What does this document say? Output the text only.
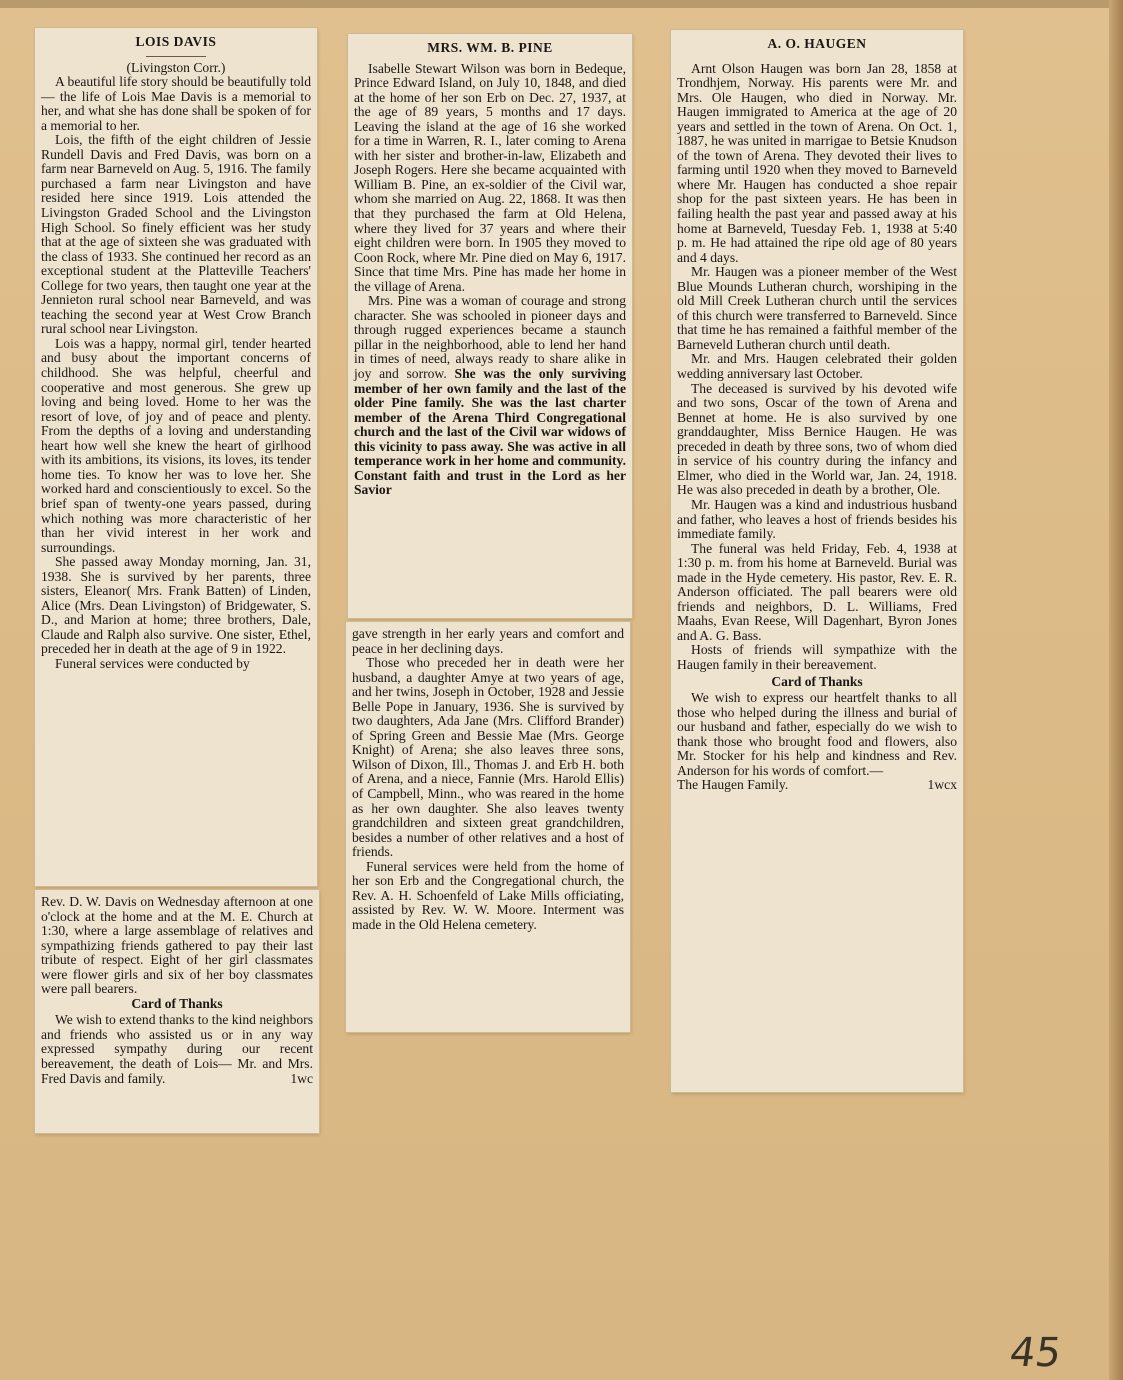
LOIS DAVIS

(Livingston Corr.)

A beautiful life story should be beautifully told — the life of Lois Mae Davis is a memorial to her, and what she has done shall be spoken of for a memorial to her.

Lois, the fifth of the eight children of Jessie Rundell Davis and Fred Davis, was born on a farm near Barneveld on Aug. 5, 1916. The family purchased a farm near Livingston and have resided here since 1919. Lois attended the Livingston Graded School and the Livingston High School. So finely efficient was her study that at the age of sixteen she was graduated with the class of 1933. She continued her record as an exceptional student at the Platteville Teachers' College for two years, then taught one year at the Jennieton rural school near Barneveld, and was teaching the second year at West Crow Branch rural school near Livingston.

Lois was a happy, normal girl, tender hearted and busy about the important concerns of childhood. She was helpful, cheerful and cooperative and most generous. She grew up loving and being loved. Home to her was the resort of love, of joy and of peace and plenty. From the depths of a loving and understanding heart how well she knew the heart of girlhood with its ambitions, its visions, its loves, its tender home ties. To know her was to love her. She worked hard and conscientiously to excel. So the brief span of twenty-one years passed, during which nothing was more characteristic of her than her vivid interest in her work and surroundings.

She passed away Monday morning, Jan. 31, 1938. She is survived by her parents, three sisters, Eleanor( Mrs. Frank Batten) of Linden, Alice (Mrs. Dean Livingston) of Bridgewater, S. D., and Marion at home; three brothers, Dale, Claude and Ralph also survive. One sister, Ethel, preceded her in death at the age of 9 in 1922.

Funeral services were conducted by

Rev. D. W. Davis on Wednesday afternoon at one o'clock at the home and at the M. E. Church at 1:30, where a large assemblage of relatives and sympathizing friends gathered to pay their last tribute of respect. Eight of her girl classmates were flower girls and six of her boy classmates were pall bearers.

Card of Thanks

We wish to extend thanks to the kind neighbors and friends who assisted us or in any way expressed sympathy during our recent bereavement, the death of Lois— Mr. and Mrs. Fred Davis and family.	1wc

MRS. WM. B. PINE

Isabelle Stewart Wilson was born in Bedeque, Prince Edward Island, on July 10, 1848, and died at the home of her son Erb on Dec. 27, 1937, at the age of 89 years, 5 months and 17 days. Leaving the island at the age of 16 she worked for a time in Warren, R. I., later coming to Arena with her sister and brother-in-law, Elizabeth and Joseph Rogers. Here she became acquainted with William B. Pine, an ex-soldier of the Civil war, whom she married on Aug. 22, 1868. It was then that they purchased the farm at Old Helena, where they lived for 37 years and where their eight children were born. In 1905 they moved to Coon Rock, where Mr. Pine died on May 6, 1917. Since that time Mrs. Pine has made her home in the village of Arena.

Mrs. Pine was a woman of courage and strong character. She was schooled in pioneer days and through rugged experiences became a staunch pillar in the neighborhood, able to lend her hand in times of need, always ready to share alike in joy and sorrow. She was the only surviving member of her own family and the last of the older Pine family. She was the last charter member of the Arena Third Congregational church and the last of the Civil war widows of this vicinity to pass away. She was active in all temperance work in her home and community. Constant faith and trust in the Lord as her Savior

gave strength in her early years and comfort and peace in her declining days.

Those who preceded her in death were her husband, a daughter Amye at two years of age, and her twins, Joseph in October, 1928 and Jessie Belle Pope in January, 1936. She is survived by two daughters, Ada Jane (Mrs. Clifford Brander) of Spring Green and Bessie Mae (Mrs. George Knight) of Arena; she also leaves three sons, Wilson of Dixon, Ill., Thomas J. and Erb H. both of Arena, and a niece, Fannie (Mrs. Harold Ellis) of Campbell, Minn., who was reared in the home as her own daughter. She also leaves twenty grandchildren and sixteen great grandchildren, besides a number of other relatives and a host of friends.

Funeral services were held from the home of her son Erb and the Congregational church, the Rev. A. H. Schoenfeld of Lake Mills officiating, assisted by Rev. W. W. Moore. Interment was made in the Old Helena cemetery.

A. O. HAUGEN

Arnt Olson Haugen was born Jan 28, 1858 at Trondhjem, Norway. His parents were Mr. and Mrs. Ole Haugen, who died in Norway. Mr. Haugen immigrated to America at the age of 20 years and settled in the town of Arena. On Oct. 1, 1887, he was united in marrigae to Betsie Knudson of the town of Arena. They devoted their lives to farming until 1920 when they moved to Barneveld where Mr. Haugen has conducted a shoe repair shop for the past sixteen years. He has been in failing health the past year and passed away at his home at Barneveld, Tuesday Feb. 1, 1938 at 5:40 p. m. He had attained the ripe old age of 80 years and 4 days.

Mr. Haugen was a pioneer member of the West Blue Mounds Lutheran church, worshiping in the old Mill Creek Lutheran church until the services of this church were transferred to Barneveld. Since that time he has remained a faithful member of the Barneveld Lutheran church until death.

Mr. and Mrs. Haugen celebrated their golden wedding anniversary last October.

The deceased is survived by his devoted wife and two sons, Oscar of the town of Arena and Bennet at home. He is also survived by one granddaughter, Miss Bernice Haugen. He was preceded in death by three sons, two of whom died in service of his country during the infancy and Elmer, who died in the World war, Jan. 24, 1918. He was also preceded in death by a brother, Ole.

Mr. Haugen was a kind and industrious husband and father, who leaves a host of friends besides his immediate family.

The funeral was held Friday, Feb. 4, 1938 at 1:30 p. m. from his home at Barneveld. Burial was made in the Hyde cemetery. His pastor, Rev. E. R. Anderson officiated. The pall bearers were old friends and neighbors, D. L. Williams, Fred Maahs, Evan Reese, Will Dagenhart, Byron Jones and A. G. Bass.

Hosts of friends will sympathize with the Haugen family in their bereavement.

Card of Thanks

We wish to express our heartfelt thanks to all those who helped during the illness and burial of our husband and father, especially do we wish to thank those who brought food and flowers, also Mr. Stocker for his help and kindness and Rev. Anderson for his words of comfort.—

The Haugen Family.	1wcx

45
